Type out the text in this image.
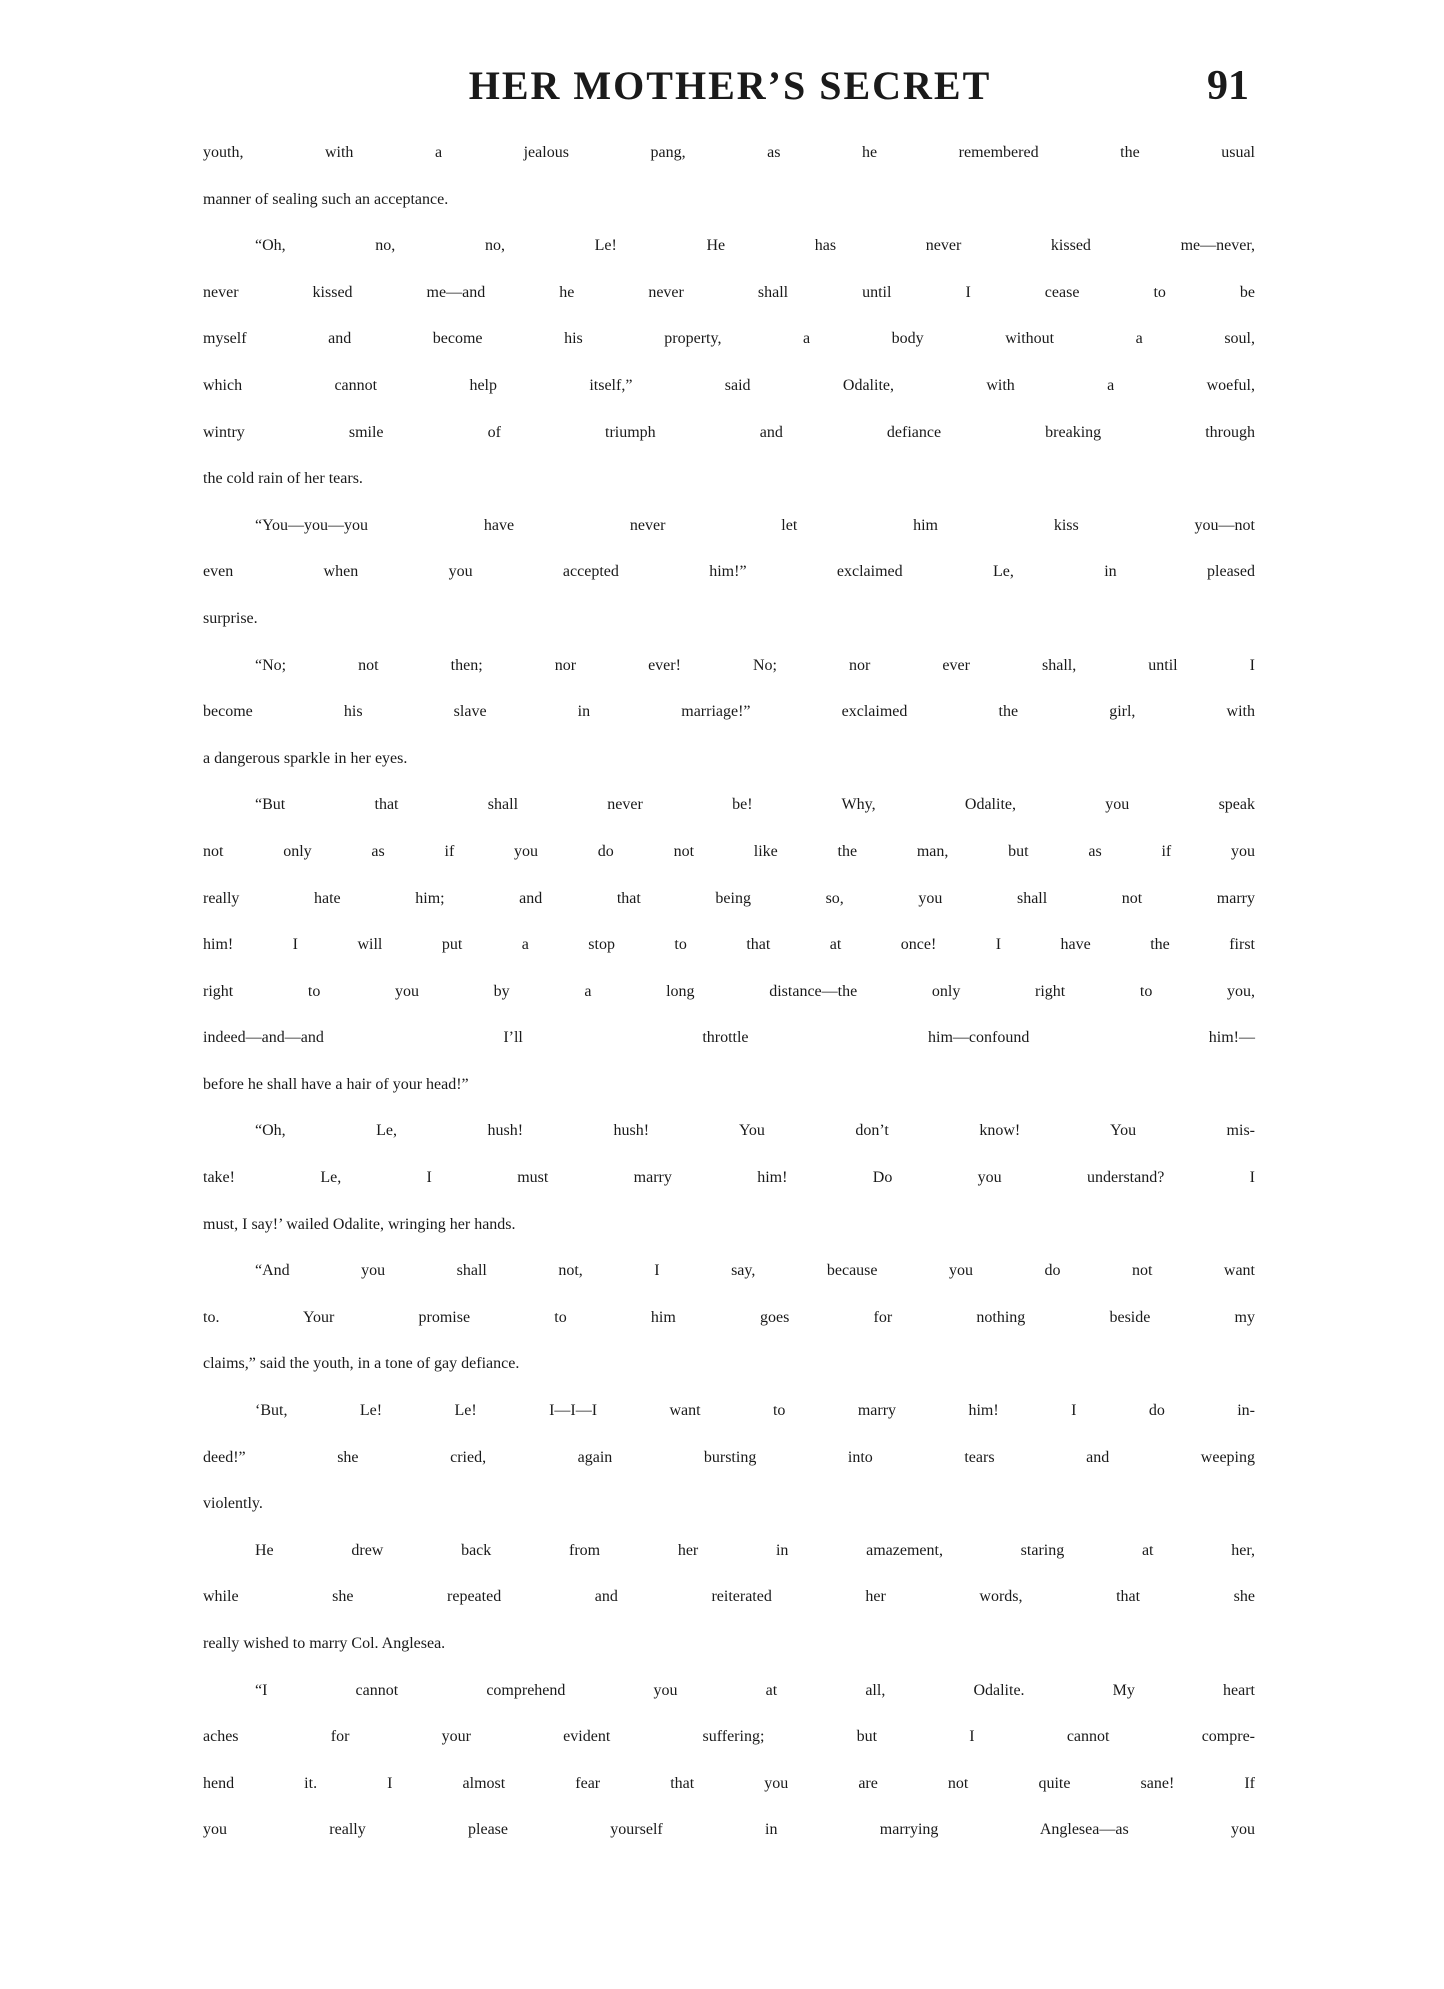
HER MOTHER’S SECRET	91
youth, with a jealous pang, as he remembered the usual
manner of sealing such an acceptance.
“Oh, no, no, Le! He has never kissed me—never,
never kissed me—and he never shall until I cease to be
myself and become his property, a body without a soul,
which cannot help itself,” said Odalite, with a woeful,
wintry smile of triumph and defiance breaking through
the cold rain of her tears.
“You—you—you have never let him kiss you—not
even when you accepted him!” exclaimed Le, in pleased
surprise.
“No; not then; nor ever! No; nor ever shall, until I
become his slave in marriage!” exclaimed the girl, with
a dangerous sparkle in her eyes.
“But that shall never be! Why, Odalite, you speak
not only as if you do not like the man, but as if you
really hate him; and that being so, you shall not marry
him! I will put a stop to that at once! I have the first
right to you by a long distance—the only right to you,
indeed—and—and I’ll throttle him—confound him!—
before he shall have a hair of your head!”
“Oh, Le, hush! hush! You don’t know! You mis-
take! Le, I must marry him! Do you understand? I
must, I say!’ wailed Odalite, wringing her hands.
“And you shall not, I say, because you do not want
to. Your promise to him goes for nothing beside my
claims,” said the youth, in a tone of gay defiance.
‘But, Le! Le! I—I—I want to marry him! I do in-
deed!” she cried, again bursting into tears and weeping
violently.
He drew back from her in amazement, staring at her,
while she repeated and reiterated her words, that she
really wished to marry Col. Anglesea.
“I cannot comprehend you at all, Odalite. My heart
aches for your evident suffering; but I cannot compre-
hend it. I almost fear that you are not quite sane! If
you really please yourself in marrying Anglesea—as you
